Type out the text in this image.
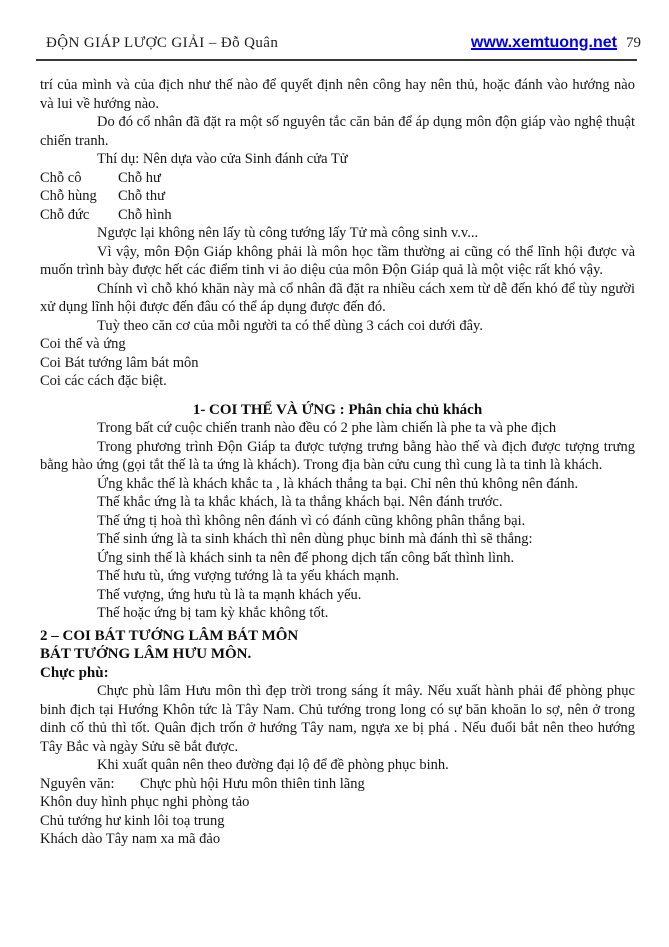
ĐỘN GIÁP LƯỢC GIẢI – Đỗ Quân	www.xemtuong.net 79

trí của mình và của địch như thế nào để quyết định nên công hay nên thủ, hoặc đánh vào hướng nào và lui về hướng nào.

Do đó cổ nhân đã đặt ra một số nguyên tắc căn bản để áp dụng môn độn giáp vào nghệ thuật chiến tranh.

Thí dụ: Nên dựa vào cửa Sinh đánh cửa Tử

Chỗ cô	Chỗ hư

Chỗ hùng Chỗ thư

Chỗ đức Chỗ hình

Ngược lại không nên lấy tù công tướng lấy Tử mà công sinh v.v...

Vì vậy, môn Độn Giáp không phải là môn học tầm thường ai cũng có thể lĩnh hội được và muốn trình bày được hết các điểm tinh vi ảo diệu của môn Độn Giáp quả là một việc rất khó vậy.

Chính vì chỗ khó khăn này mà cổ nhân đã đặt ra nhiều cách xem từ dễ đến khó để tùy người xử dụng lĩnh hội được đến đâu có thể áp dụng được đến đó.

Tuỳ theo căn cơ của mỗi người ta có thể dùng 3 cách coi dưới đây.

Coi thế và ứng

Coi Bát tướng lâm bát môn

Coi các cách đặc biệt.

1- COI THẾ VÀ ỨNG : Phân chia chủ khách

Trong bất cứ cuộc chiến tranh nào đều có 2 phe làm chiến là phe ta và phe địch

Trong phương trình Độn Giáp ta được tượng trưng bằng hào thế và địch được tượng trưng bằng hào ứng (gọi tắt thế là ta ứng là khách). Trong địa bàn cửu cung thì cung là ta tinh là khách.

Ứng khắc thế là khách khắc ta , là khách thắng ta bại. Chỉ nên thủ không nên đánh.

Thế khắc ứng là ta khắc khách, là ta thắng khách bại. Nên đánh trước.

Thế ứng tị hoà thì không nên đánh vì có đánh cũng không phân thắng bại.

Thế sinh ứng là ta sinh khách thì nên dùng phục binh mà đánh thì sẽ thắng:

Ứng sinh thế là khách sinh ta nên để phong dịch tấn công bất thình lình.

Thế hưu tù, ứng vượng tướng là ta yếu khách mạnh.

Thế vượng, ứng hưu tù là ta mạnh khách yếu.

Thế hoặc ứng bị tam kỳ khắc không tốt.

2 – COI BÁT TƯỚNG LÂM BÁT MÔN

BÁT TƯỚNG LÂM HƯU MÔN.

Chực phù:

Chực phù lâm Hưu môn thì đẹp trời trong sáng ít mây. Nếu xuất hành phải để phòng phục binh địch tại Hướng Khôn tức là Tây Nam. Chủ tướng trong long có sự băn khoăn lo sợ, nên ở trong dinh cố thủ thì tốt. Quân địch trốn ở hướng Tây nam, ngựa xe bị phá . Nếu đuổi bắt nên theo hướng Tây Bắc và ngày Sửu sẽ bắt được.

Khi xuất quân nên theo đường đại lộ để đề phòng phục binh.

Nguyên văn: Chực phù hội Hưu môn thiên tinh lãng

Khôn duy hình phục nghi phòng tảo

Chủ tướng hư kinh lôi toạ trung

Khách dào Tây nam xa mã đảo
